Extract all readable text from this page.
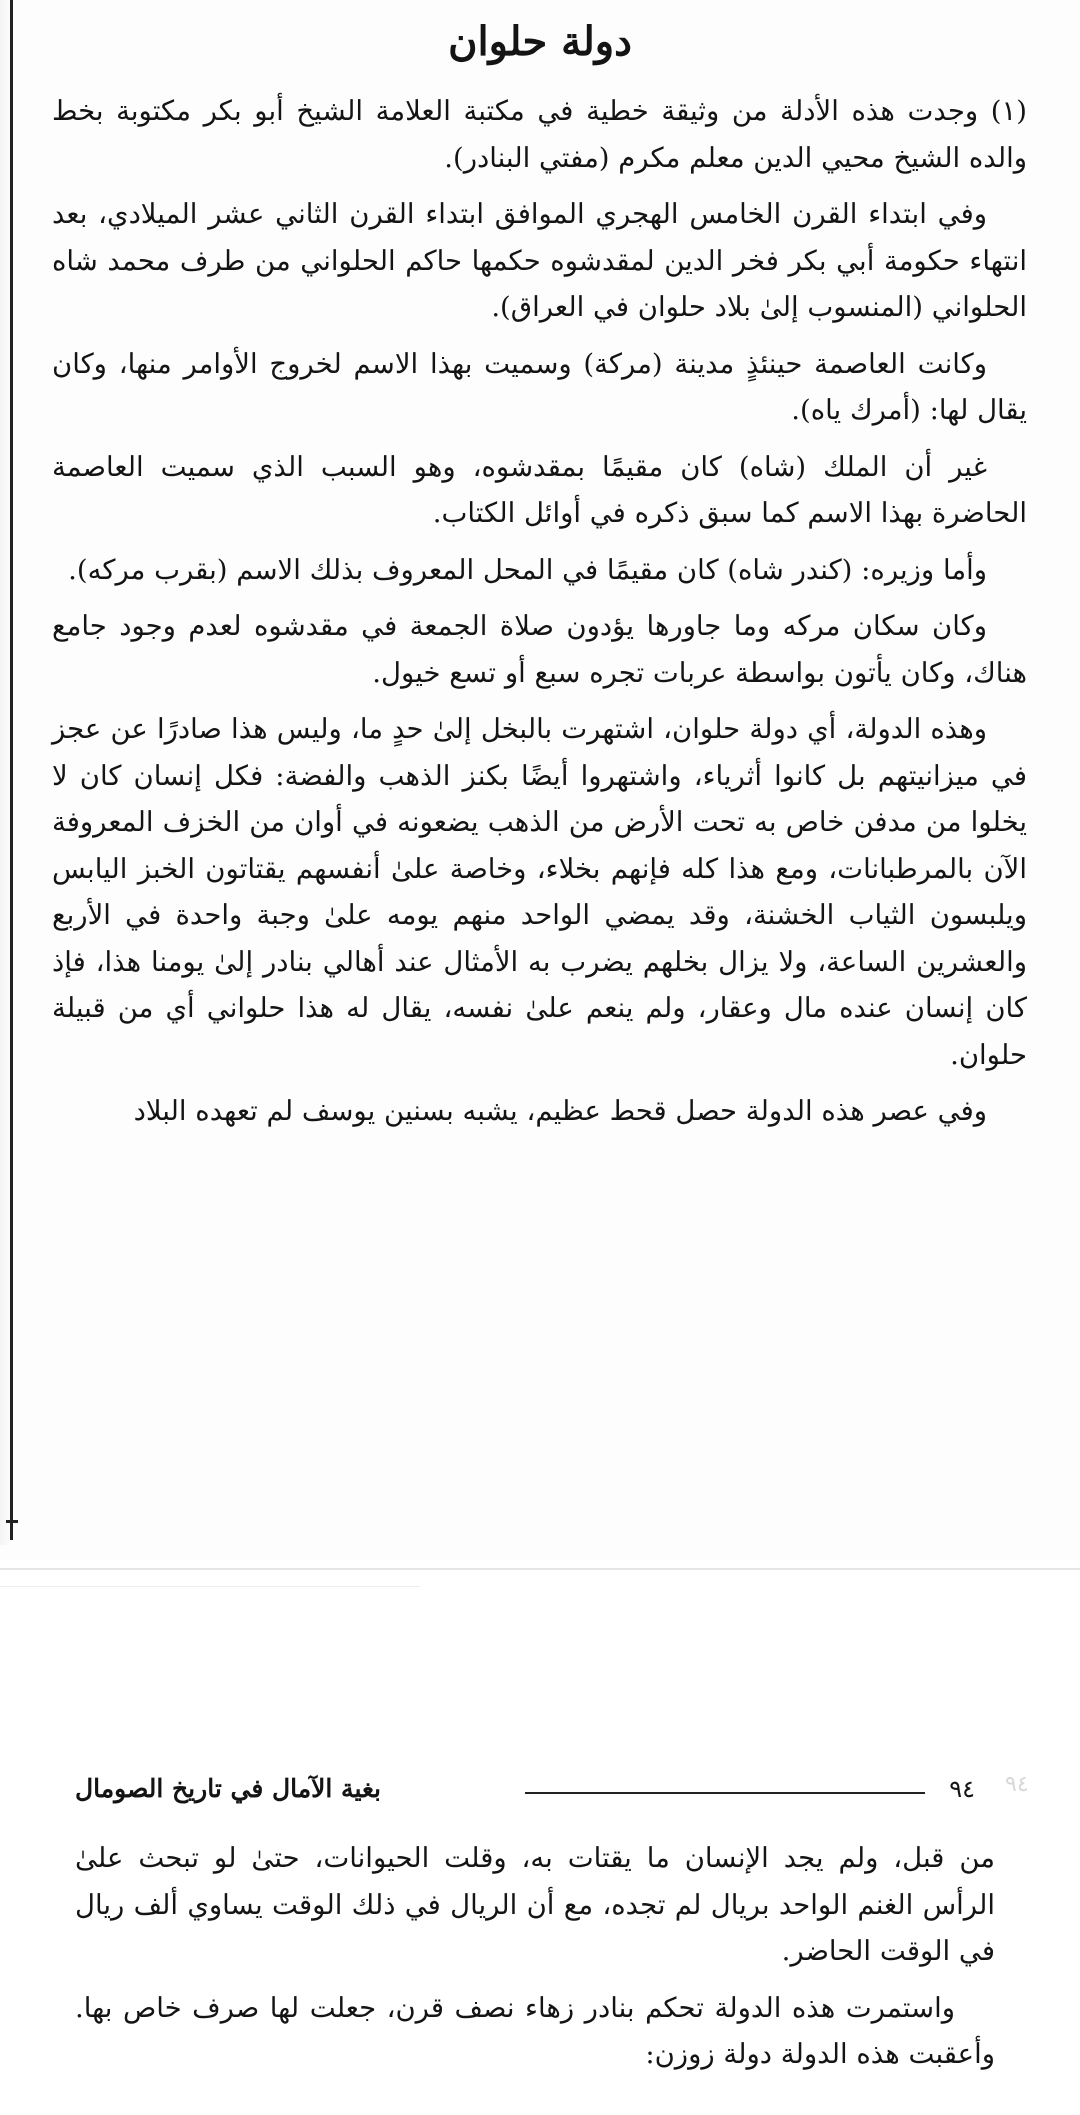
دولة حلوان

(١) وجدت هذه الأدلة من وثيقة خطية في مكتبة العلامة الشيخ أبو بكر مكتوبة بخط والده الشيخ محيي الدين معلم مكرم (مفتي البنادر).

وفي ابتداء القرن الخامس الهجري الموافق ابتداء القرن الثاني عشر الميلادي، بعد انتهاء حكومة أبي بكر فخر الدين لمقدشوه حكمها حاكم الحلواني من طرف محمد شاه الحلواني (المنسوب إلىٰ بلاد حلوان في العراق).

وكانت العاصمة حينئذٍ مدينة (مركة) وسميت بهذا الاسم لخروج الأوامر منها، وكان يقال لها: (أمرك ياه).

غير أن الملك (شاه) كان مقيمًا بمقدشوه، وهو السبب الذي سميت العاصمة الحاضرة بهذا الاسم كما سبق ذكره في أوائل الكتاب.

وأما وزيره: (كندر شاه) كان مقيمًا في المحل المعروف بذلك الاسم (بقرب مركه).

وكان سكان مركه وما جاورها يؤدون صلاة الجمعة في مقدشوه لعدم وجود جامع هناك، وكان يأتون بواسطة عربات تجره سبع أو تسع خيول.

وهذه الدولة، أي دولة حلوان، اشتهرت بالبخل إلىٰ حدٍ ما، وليس هذا صادرًا عن عجز في ميزانيتهم بل كانوا أثرياء، واشتهروا أيضًا بكنز الذهب والفضة: فكل إنسان كان لا يخلوا من مدفن خاص به تحت الأرض من الذهب يضعونه في أوان من الخزف المعروفة الآن بالمرطبانات، ومع هذا كله فإنهم بخلاء، وخاصة علىٰ أنفسهم يقتاتون الخبز اليابس ويلبسون الثياب الخشنة، وقد يمضي الواحد منهم يومه علىٰ وجبة واحدة في الأربع والعشرين الساعة، ولا يزال بخلهم يضرب به الأمثال عند أهالي بنادر إلىٰ يومنا هذا، فإذ كان إنسان عنده مال وعقار، ولم ينعم علىٰ نفسه، يقال له هذا حلواني أي من قبيلة حلوان.

وفي عصر هذه الدولة حصل قحط عظيم، يشبه بسنين يوسف لم تعهده البلاد

٩٤
٩٤
بغية الآمال في تاريخ الصومال

من قبل، ولم يجد الإنسان ما يقتات به، وقلت الحيوانات، حتىٰ لو تبحث علىٰ الرأس الغنم الواحد بريال لم تجده، مع أن الريال في ذلك الوقت يساوي ألف ريال في الوقت الحاضر.

واستمرت هذه الدولة تحكم بنادر زهاء نصف قرن، جعلت لها صرف خاص بها. وأعقبت هذه الدولة دولة زوزن:
